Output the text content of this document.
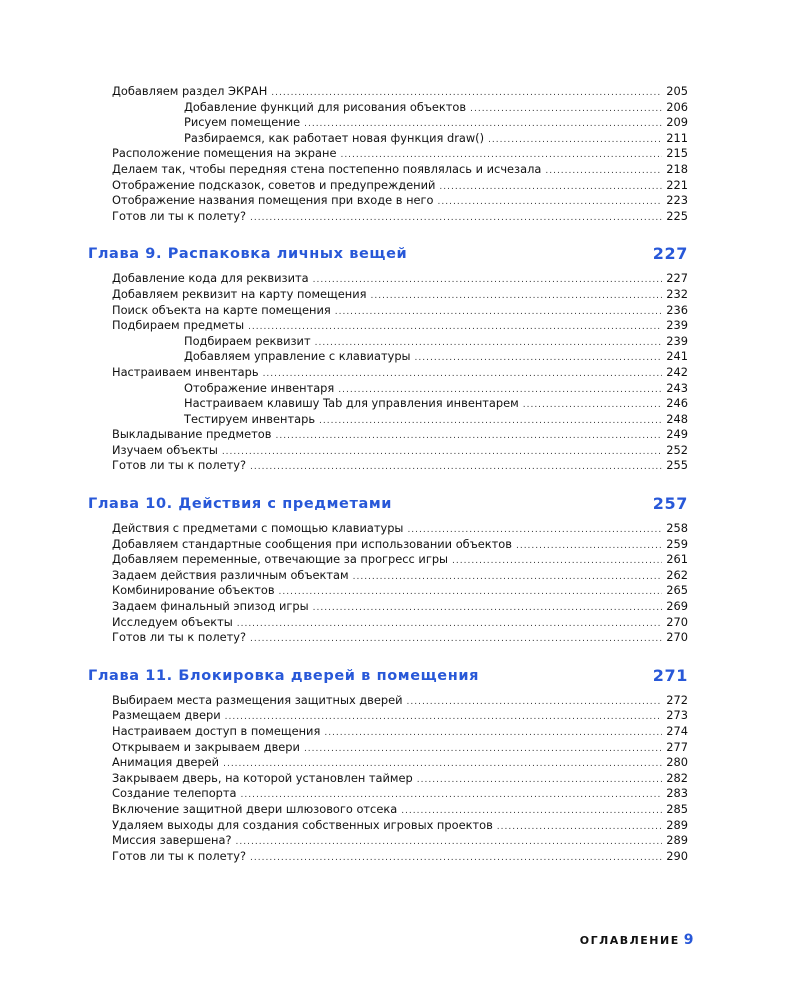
Добавляем раздел ЭКРАН .....	205
Добавление функций для рисования объектов .....	206
Рисуем помещение .....	209
Разбираемся, как работает новая функция draw() .....	211
Расположение помещения на экране .....	215
Делаем так, чтобы передняя стена постепенно появлялась и исчезала .....	218
Отображение подсказок, советов и предупреждений .....	221
Отображение названия помещения при входе в него .....	223
Готов ли ты к полету? .....	225
Глава 9. Распаковка личных вещей	227
Добавление кода для реквизита .....	227
Добавляем реквизит на карту помещения .....	232
Поиск объекта на карте помещения .....	236
Подбираем предметы .....	239
Подбираем реквизит .....	239
Добавляем управление с клавиатуры .....	241
Настраиваем инвентарь .....	242
Отображение инвентаря .....	243
Настраиваем клавишу Tab для управления инвентарем .....	246
Тестируем инвентарь .....	248
Выкладывание предметов .....	249
Изучаем объекты .....	252
Готов ли ты к полету? .....	255
Глава 10. Действия с предметами	257
Действия с предметами с помощью клавиатуры .....	258
Добавляем стандартные сообщения при использовании объектов .....	259
Добавляем переменные, отвечающие за прогресс игры .....	261
Задаем действия различным объектам .....	262
Комбинирование объектов .....	265
Задаем финальный эпизод игры .....	269
Исследуем объекты .....	270
Готов ли ты к полету? .....	270
Глава 11. Блокировка дверей в помещения	271
Выбираем места размещения защитных дверей .....	272
Размещаем двери .....	273
Настраиваем доступ в помещения .....	274
Открываем и закрываем двери .....	277
Анимация дверей .....	280
Закрываем дверь, на которой установлен таймер .....	282
Создание телепорта .....	283
Включение защитной двери шлюзового отсека .....	285
Удаляем выходы для создания собственных игровых проектов .....	289
Миссия завершена? .....	289
Готов ли ты к полету? .....	290
ОГЛАВЛЕНИЕ 9
